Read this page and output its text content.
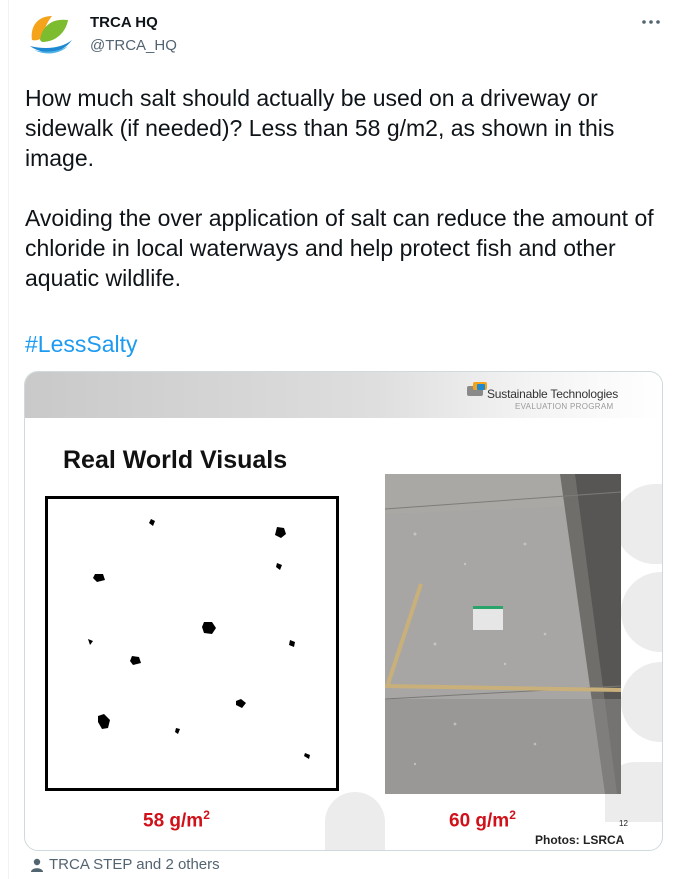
TRCA HQ
@TRCA_HQ

How much salt should actually be used on a driveway or sidewalk (if needed)? Less than 58 g/m2, as shown in this image.

Avoiding the over application of salt can reduce the amount of chloride in local waterways and help protect fish and other aquatic wildlife.

#LessSalty
Sustainable Technologies
EVALUATION PROGRAM
Real World Visuals
58 $g/m^2$	60 $g/m^2$
12
Photos: LSRCA
TRCA STEP and 2 others
